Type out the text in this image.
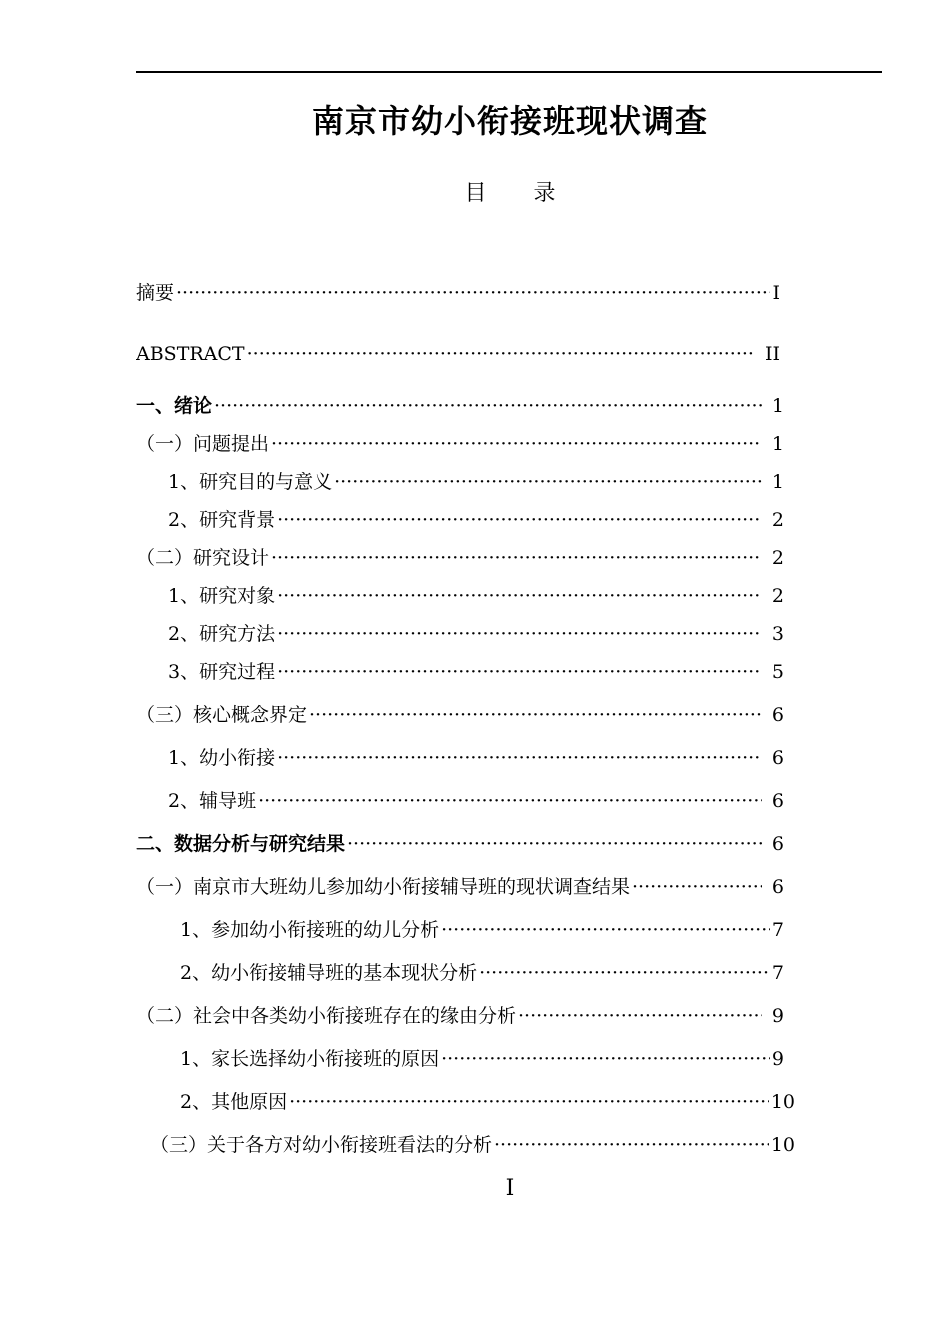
南京市幼小衔接班现状调查
目 录
摘要 ·····	I
ABSTRACT ·····	II
一、绪论 ·····	1
（一）问题提出 ·····	1
1、研究目的与意义 ·····	1
2、研究背景 ·····	2
（二）研究设计 ·····	2
1、研究对象 ·····	2
2、研究方法 ·····	3
3、研究过程 ·····	5
（三）核心概念界定 ·····	6
1、幼小衔接 ·····	6
2、辅导班 ·····	6
二、数据分析与研究结果 ·····	6
（一）南京市大班幼儿参加幼小衔接辅导班的现状调查结果 ·····	6
1、参加幼小衔接班的幼儿分析 ·····	7
2、幼小衔接辅导班的基本现状分析 ·····	7
（二）社会中各类幼小衔接班存在的缘由分析 ·····	9
1、家长选择幼小衔接班的原因 ·····	9
2、其他原因 ·····	10
（三）关于各方对幼小衔接班看法的分析 ·····	10
I
